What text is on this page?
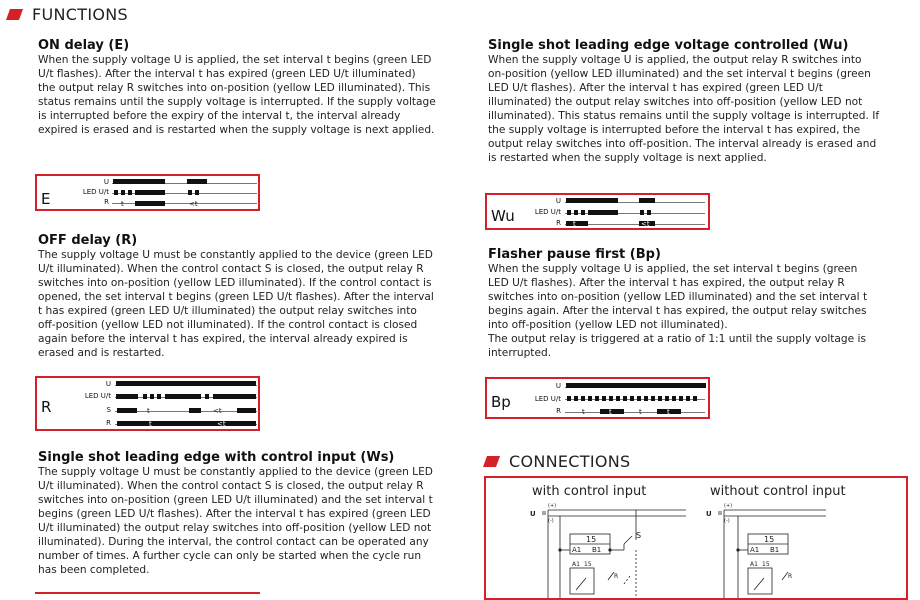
FUNCTIONS
ON delay (E)

When the supply voltage U is applied, the set interval t begins (green LED U/t flashes). After the interval t has expired (green LED U/t illuminated) the output relay R switches into on-position (yellow LED illuminated). This status remains until the supply voltage is interrupted. If the supply voltage is interrupted before the expiry of the interval t, the interval already expired is erased and is restarted when the supply voltage is next applied.

E
U
LED U/t
R t	<t
OFF delay (R)

The supply voltage U must be constantly applied to the device (green LED U/t illuminated). When the control contact S is closed, the output relay R switches into on-position (yellow LED illuminated). If the control contact is opened, the set interval t begins (green LED U/t flashes). After the interval t has expired (green LED U/t illuminated) the output relay switches into off-position (yellow LED not illuminated). If the control contact is closed again before the interval t has expired, the interval already expired is erased and is restarted.

R
U
LED U/t
S
R
t	<t
t	<t
Single shot leading edge with control input (Ws)

The supply voltage U must be constantly applied to the device (green LED U/t illuminated). When the control contact S is closed, the output relay R switches into on-position (green LED U/t illuminated) and the set interval t begins (green LED U/t flashes). After the interval t has expired (green LED U/t illuminated) the output relay switches into off-position (yellow LED not illuminated). During the interval, the control contact can be operated any number of times. A further cycle can only be started when the cycle run has been completed.

Single shot leading edge voltage controlled (Wu)

When the supply voltage U is applied, the output relay R switches into on-position (yellow LED illuminated) and the set interval t begins (green LED U/t flashes). After the interval t has expired (green LED U/t illuminated) the output relay switches into off-position (yellow LED not illuminated). This status remains until the supply voltage is interrupted. If the supply voltage is interrupted before the interval t has expired, the output relay switches into off-position. The interval already is erased and is restarted when the supply voltage is next applied.

Wu
U
LED U/t
R t	<t
Flasher pause first (Bp)

When the supply voltage U is applied, the set interval t begins (green LED U/t flashes). After the interval t has expired, the output relay R switches into on-position (yellow LED illuminated) and the set interval t begins again. After the interval t has expired, the output relay switches into off-position (yellow LED not illuminated).

The output relay is triggered at a ratio of 1:1 until the supply voltage is interrupted.

Bp
U
LED U/t
R	t	t	t	t
CONNECTIONS
with control input	without control input
U
(+)
(-)
15
A1 B1
S
A1 15
R
U
(+)
(-)
15
A1 B1
A1 15
R
